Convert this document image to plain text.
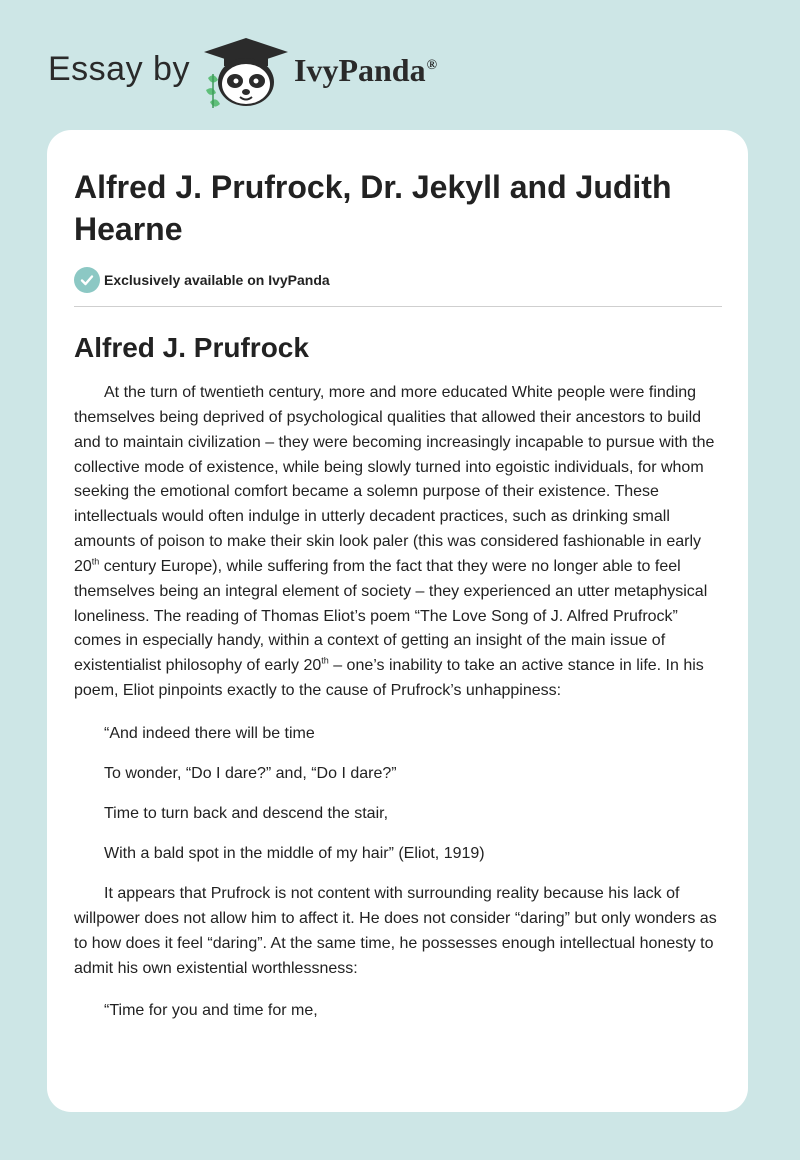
Essay by	IvyPanda®
Alfred J. Prufrock, Dr. Jekyll and Judith Hearne
Exclusively available on IvyPanda
Alfred J. Prufrock

At the turn of twentieth century, more and more educated White people were finding themselves being deprived of psychological qualities that allowed their ancestors to build and to maintain civilization – they were becoming increasingly incapable to pursue with the collective mode of existence, while being slowly turned into egoistic individuals, for whom seeking the emotional comfort became a solemn purpose of their existence. These intellectuals would often indulge in utterly decadent practices, such as drinking small amounts of poison to make their skin look paler (this was considered fashionable in early 20th century Europe), while suffering from the fact that they were no longer able to feel themselves being an integral element of society – they experienced an utter metaphysical loneliness. The reading of Thomas Eliot’s poem “The Love Song of J. Alfred Prufrock” comes in especially handy, within a context of getting an insight of the main issue of existentialist philosophy of early 20th – one’s inability to take an active stance in life. In his poem, Eliot pinpoints exactly to the cause of Prufrock’s unhappiness:

“And indeed there will be time

To wonder, “Do I dare?” and, “Do I dare?”

Time to turn back and descend the stair,

With a bald spot in the middle of my hair” (Eliot, 1919)

It appears that Prufrock is not content with surrounding reality because his lack of willpower does not allow him to affect it. He does not consider “daring” but only wonders as to how does it feel “daring”. At the same time, he possesses enough intellectual honesty to admit his own existential worthlessness:

“Time for you and time for me,
